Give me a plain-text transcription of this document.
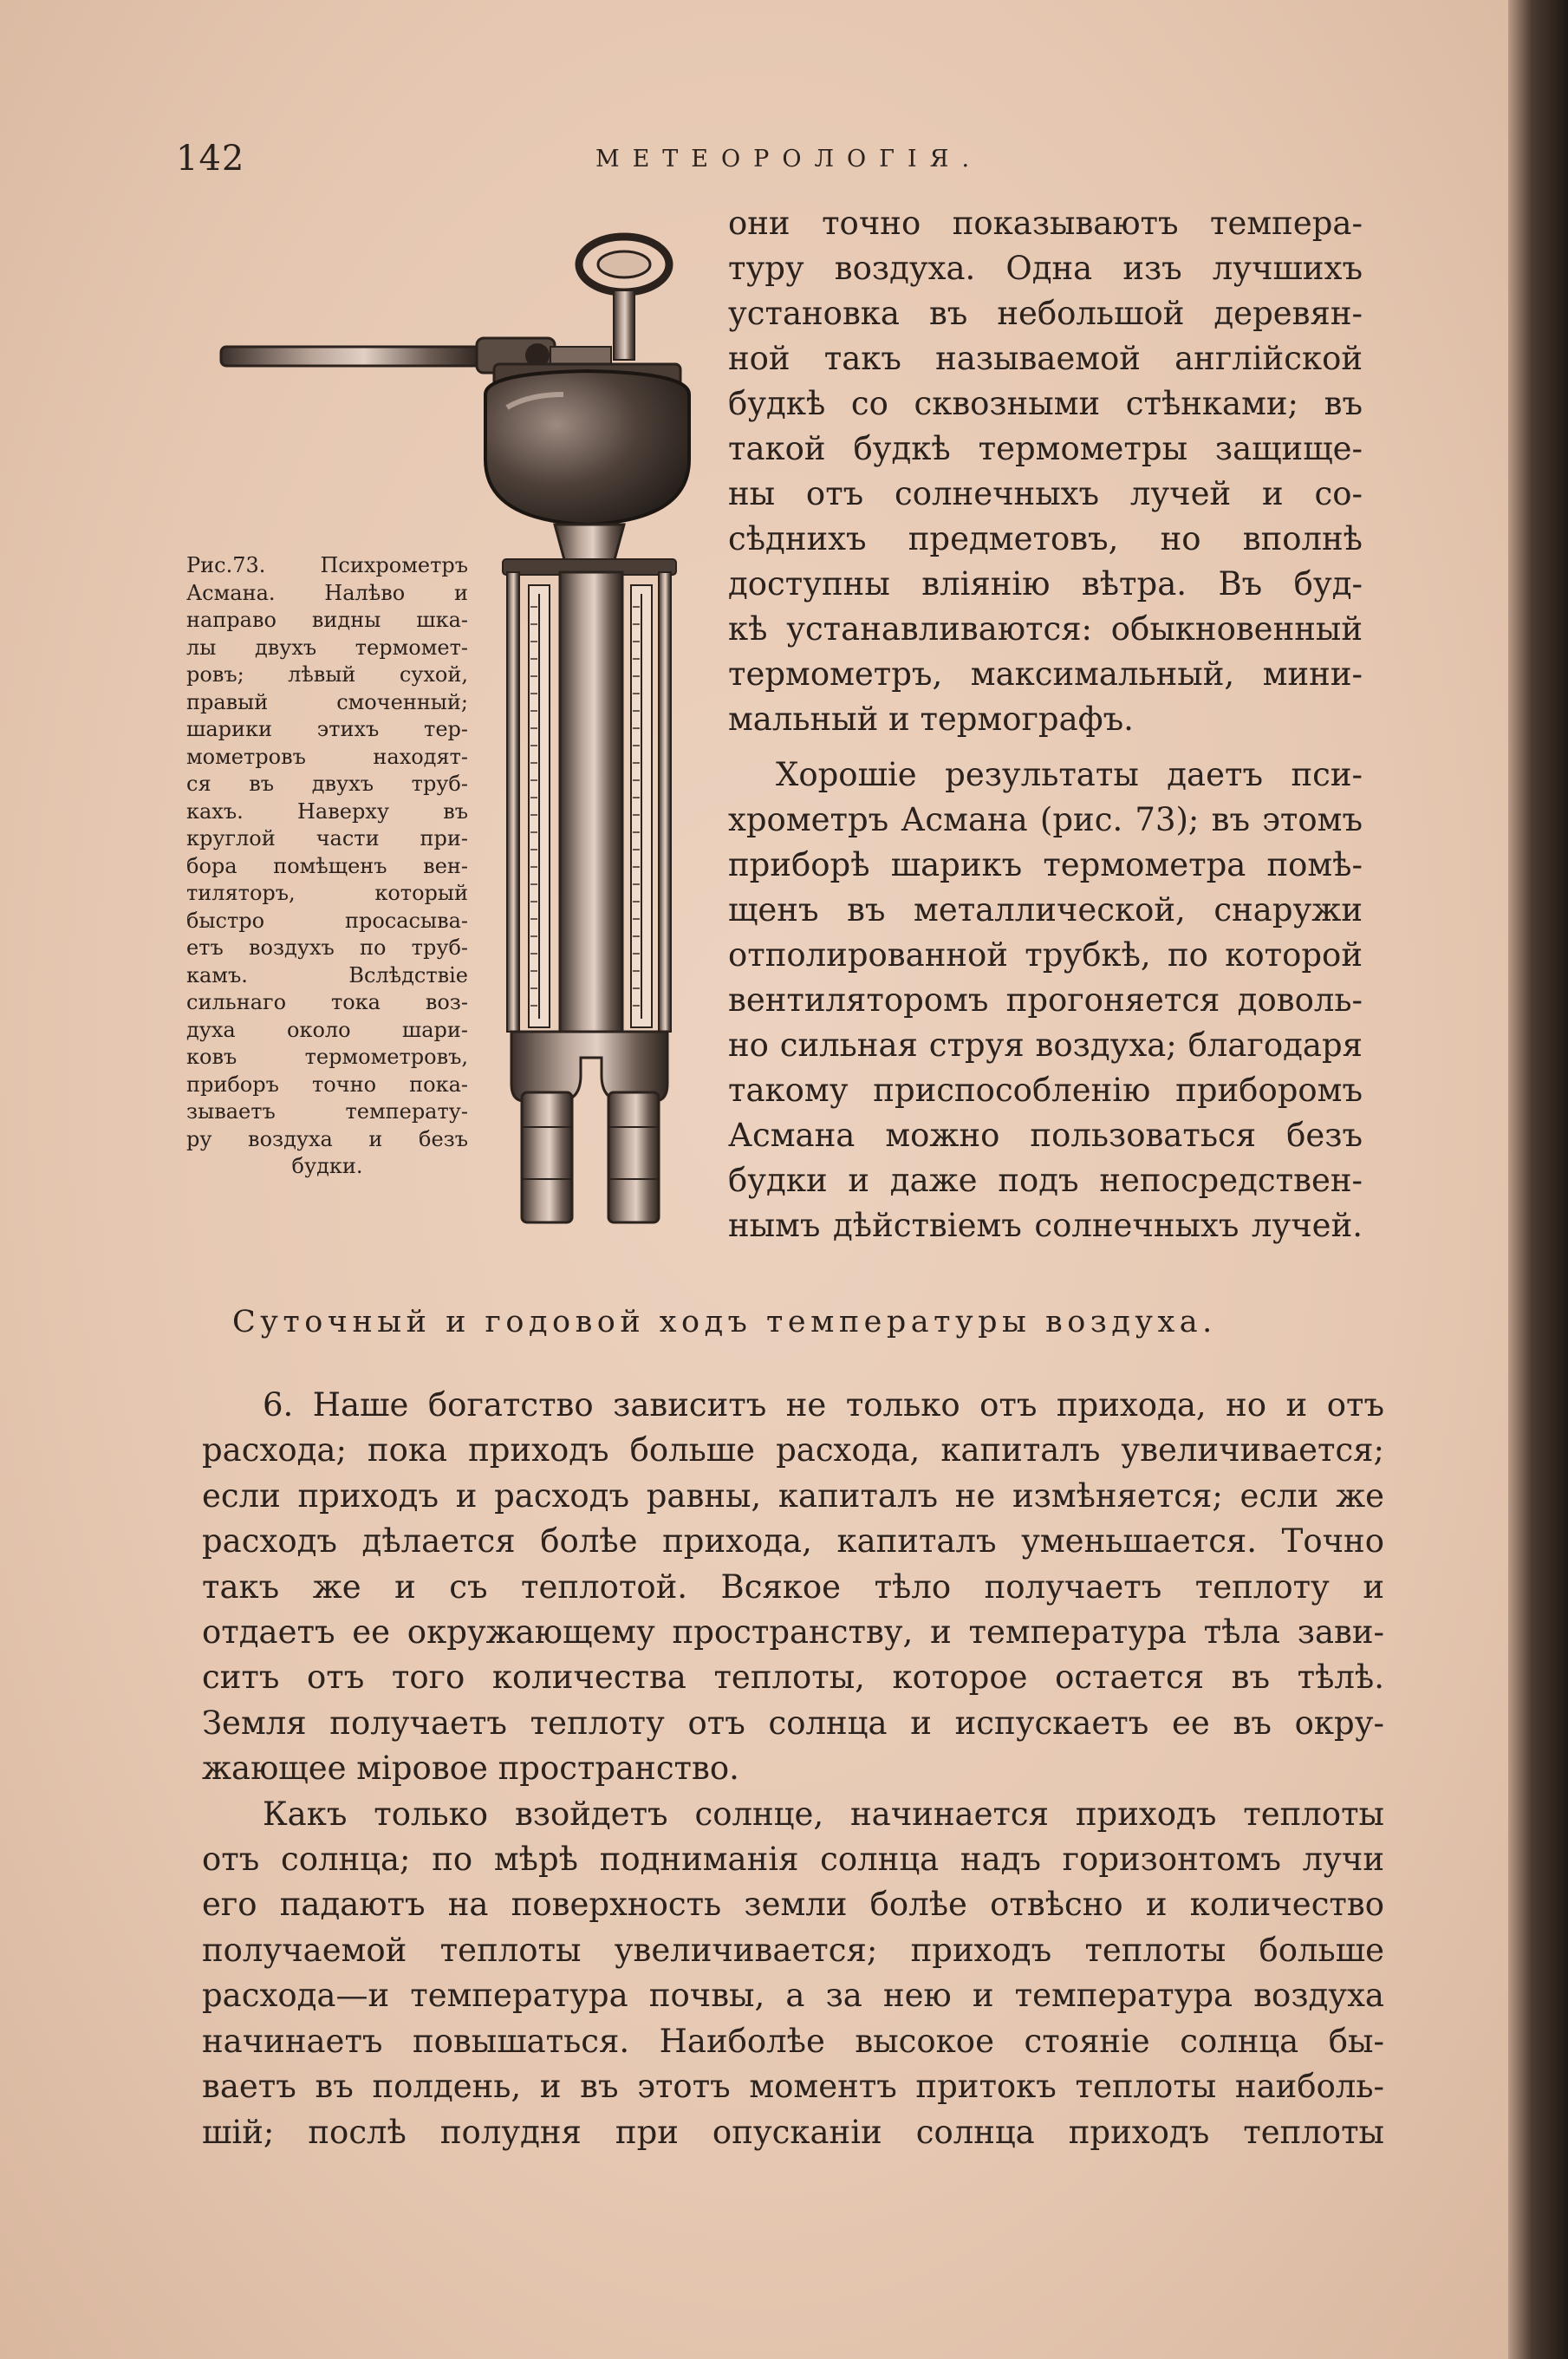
142	МЕТЕОРОЛОГІЯ.
Рис.73. Психрометръ
Асмана. Налѣво и
направо видны шка-
лы двухъ термомет-
ровъ; лѣвый сухой,
правый смоченный;
шарики этихъ тер-
мометровъ находят-
ся въ двухъ труб-
кахъ. Наверху въ
круглой части при-
бора помѣщенъ вен-
тиляторъ, который
быстро просасыва-
етъ воздухъ по труб-
камъ. Вслѣдствіе
сильнаго тока воз-
духа около шари-
ковъ термометровъ,
приборъ точно пока-
зываетъ температу-
ру воздуха и безъ
будки.
они точно показываютъ темпера-
туру воздуха. Одна изъ лучшихъ
установка въ небольшой деревян-
ной такъ называемой англійской
будкѣ со сквозными стѣнками; въ
такой будкѣ термометры защище-
ны отъ солнечныхъ лучей и со-
сѣднихъ предметовъ, но вполнѣ
доступны вліянію вѣтра. Въ буд-
кѣ устанавливаются: обыкновенный
термометръ, максимальный, мини-
мальный и термографъ.
Хорошіе результаты даетъ пси-
хрометръ Асмана (рис. 73); въ этомъ
приборѣ шарикъ термометра помѣ-
щенъ въ металлической, снаружи
отполированной трубкѣ, по которой
вентиляторомъ прогоняется доволь-
но сильная струя воздуха; благодаря
такому приспособленію приборомъ
Асмана можно пользоваться безъ
будки и даже подъ непосредствен-
нымъ дѣйствіемъ солнечныхъ лучей.
Суточный и годовой ходъ температуры воздуха.
6. Наше богатство зависитъ не только отъ прихода, но и отъ
расхода; пока приходъ больше расхода, капиталъ увеличивается;
если приходъ и расходъ равны, капиталъ не измѣняется; если же
расходъ дѣлается болѣе прихода, капиталъ уменьшается. Точно
такъ же и съ теплотой. Всякое тѣло получаетъ теплоту и
отдаетъ ее окружающему пространству, и температура тѣла зави-
ситъ отъ того количества теплоты, которое остается въ тѣлѣ.
Земля получаетъ теплоту отъ солнца и испускаетъ ее въ окру-
жающее міровое пространство.
Какъ только взойдетъ солнце, начинается приходъ теплоты
отъ солнца; по мѣрѣ подниманія солнца надъ горизонтомъ лучи
его падаютъ на поверхность земли болѣе отвѣсно и количество
получаемой теплоты увеличивается; приходъ теплоты больше
расхода—и температура почвы, а за нею и температура воздуха
начинаетъ повышаться. Наиболѣе высокое стояніе солнца бы-
ваетъ въ полдень, и въ этотъ моментъ притокъ теплоты наиболь-
шій; послѣ полудня при опусканіи солнца приходъ теплоты
